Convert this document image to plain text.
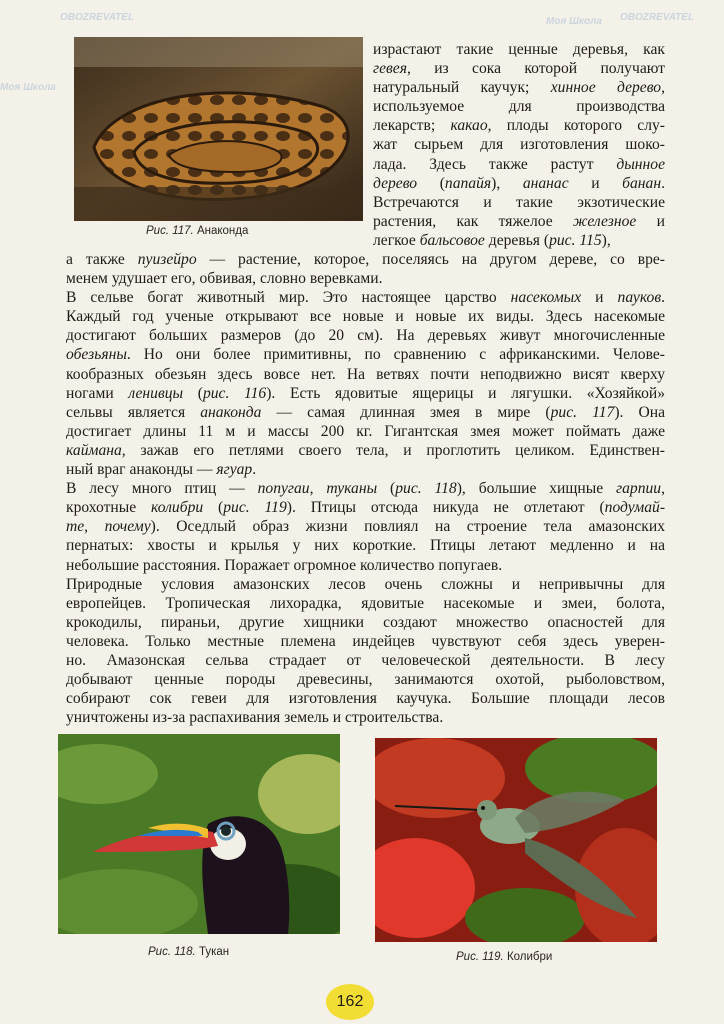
Рис. 117. Анаконда
израстают такие ценные деревья, как
гевея, из сока которой получают
натуральный каучук; хинное дерево,
используемое для производства
лекарств; какао, плоды которого слу-
жат сырьем для изготовления шоко-
лада. Здесь также растут дынное
дерево (папайя), ананас и банан.
Встречаются и такие экзотические
растения, как тяжелое железное и
легкое бальсовое деревья (рис. 115),
а также пуизейро — растение, которое, поселяясь на другом дереве, со вре-
менем удушает его, обвивая, словно веревками.
В сельве богат животный мир. Это настоящее царство насекомых и пауков.
Каждый год ученые открывают все новые и новые их виды. Здесь насекомые
достигают больших размеров (до 20 см). На деревьях живут многочисленные
обезьяны. Но они более примитивны, по сравнению с африканскими. Челове-
кообразных обезьян здесь вовсе нет. На ветвях почти неподвижно висят кверху
ногами ленивцы (рис. 116). Есть ядовитые ящерицы и лягушки. «Хозяйкой»
сельвы является анаконда — самая длинная змея в мире (рис. 117). Она
достигает длины 11 м и массы 200 кг. Гигантская змея может поймать даже
каймана, зажав его петлями своего тела, и проглотить целиком. Единствен-
ный враг анаконды — ягуар.
В лесу много птиц — попугаи, туканы (рис. 118), большие хищные гарпии,
крохотные колибри (рис. 119). Птицы отсюда никуда не отлетают (подумай-
те, почему). Оседлый образ жизни повлиял на строение тела амазонских
пернатых: хвосты и крылья у них короткие. Птицы летают медленно и на
небольшие расстояния. Поражает огромное количество попугаев.
Природные условия амазонских лесов очень сложны и непривычны для
европейцев. Тропическая лихорадка, ядовитые насекомые и змеи, болота,
крокодилы, пираньи, другие хищники создают множество опасностей для
человека. Только местные племена индейцев чувствуют себя здесь уверен-
но. Амазонская сельва страдает от человеческой деятельности. В лесу
добывают ценные породы древесины, занимаются охотой, рыболовством,
собирают сок гевеи для изготовления каучука. Большие площади лесов
уничтожены из-за распахивания земель и строительства.
Рис. 118. Тукан	Рис. 119. Колибри
Моя Школа
OBOZREVATEL	Моя Школа OBOZREVATEL
162
